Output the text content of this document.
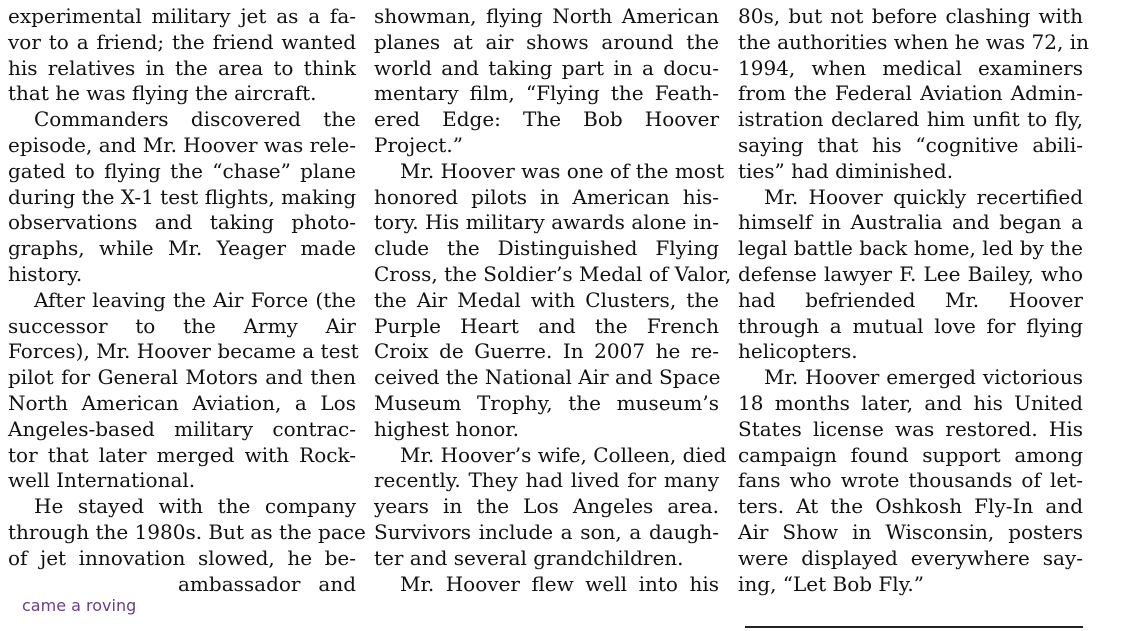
experimental military jet as a fa-
vor to a friend; the friend wanted
his relatives in the area to think
that he was flying the aircraft.
Commanders discovered the
episode, and Mr. Hoover was rele-
gated to flying the “chase” plane
during the X-1 test flights, making
observations and taking photo-
graphs, while Mr. Yeager made
history.
After leaving the Air Force (the
successor to the Army Air
Forces), Mr. Hoover became a test
pilot for General Motors and then
North American Aviation, a Los
Angeles-based military contrac-
tor that later merged with Rock-
well International.
He stayed with the company
through the 1980s. But as the pace
of jet innovation slowed, he be-
ambassador and
showman, flying North American
planes at air shows around the
world and taking part in a docu-
mentary film, “Flying the Feath-
ered Edge: The Bob Hoover
Project.”
Mr. Hoover was one of the most
honored pilots in American his-
tory. His military awards alone in-
clude the Distinguished Flying
Cross, the Soldier’s Medal of Valor,
the Air Medal with Clusters, the
Purple Heart and the French
Croix de Guerre. In 2007 he re-
ceived the National Air and Space
Museum Trophy, the museum’s
highest honor.
Mr. Hoover’s wife, Colleen, died
recently. They had lived for many
years in the Los Angeles area.
Survivors include a son, a daugh-
ter and several grandchildren.
Mr. Hoover flew well into his
80s, but not before clashing with
the authorities when he was 72, in
1994, when medical examiners
from the Federal Aviation Admin-
istration declared him unfit to fly,
saying that his “cognitive abili-
ties” had diminished.
Mr. Hoover quickly recertified
himself in Australia and began a
legal battle back home, led by the
defense lawyer F. Lee Bailey, who
had befriended Mr. Hoover
through a mutual love for flying
helicopters.
Mr. Hoover emerged victorious
18 months later, and his United
States license was restored. His
campaign found support among
fans who wrote thousands of let-
ters. At the Oshkosh Fly-In and
Air Show in Wisconsin, posters
were displayed everywhere say-
ing, “Let Bob Fly.”
came a roving
